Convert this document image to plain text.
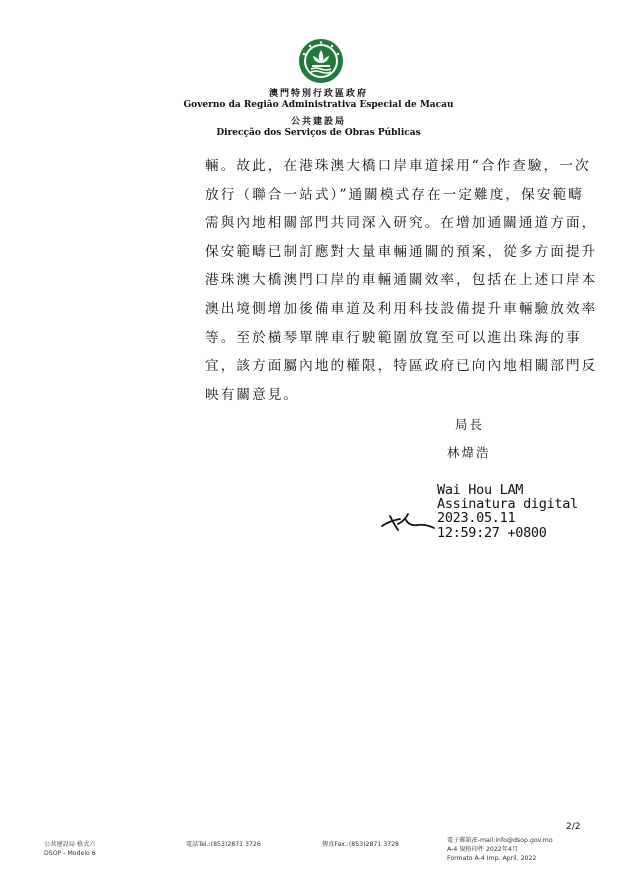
澳門特別行政區政府
Governo da Região Administrativa Especial de Macau
公共建設局
Direcção dos Serviços de Obras Públicas
輛。故此，在港珠澳大橋口岸車道採用“合作查驗，一次
放行（聯合一站式）”通關模式存在一定難度，保安範疇
需與內地相關部門共同深入研究。在增加通關通道方面，
保安範疇已制訂應對大量車輛通關的預案，從多方面提升
港珠澳大橋澳門口岸的車輛通關效率，包括在上述口岸本
澳出境側增加後備車道及利用科技設備提升車輛驗放效率
等。至於橫琴單牌車行駛範圍放寬至可以進出珠海的事
宜，該方面屬內地的權限，特區政府已向內地相關部門反
映有關意見。
局長
林煒浩
Wai Hou LAM
Assinatura digital
2023.05.11
12:59:27 +0800
2/2
公共建設局 格式六
DSOP - Modelo 6
電話Tel.:(853)2871 3726	傳真Fax.:(853)2871 3728
電子郵箱/E-mail:info@dsop.gov.mo
A-4 規格印件 2022年4月
Formato A-4 Imp. April. 2022
